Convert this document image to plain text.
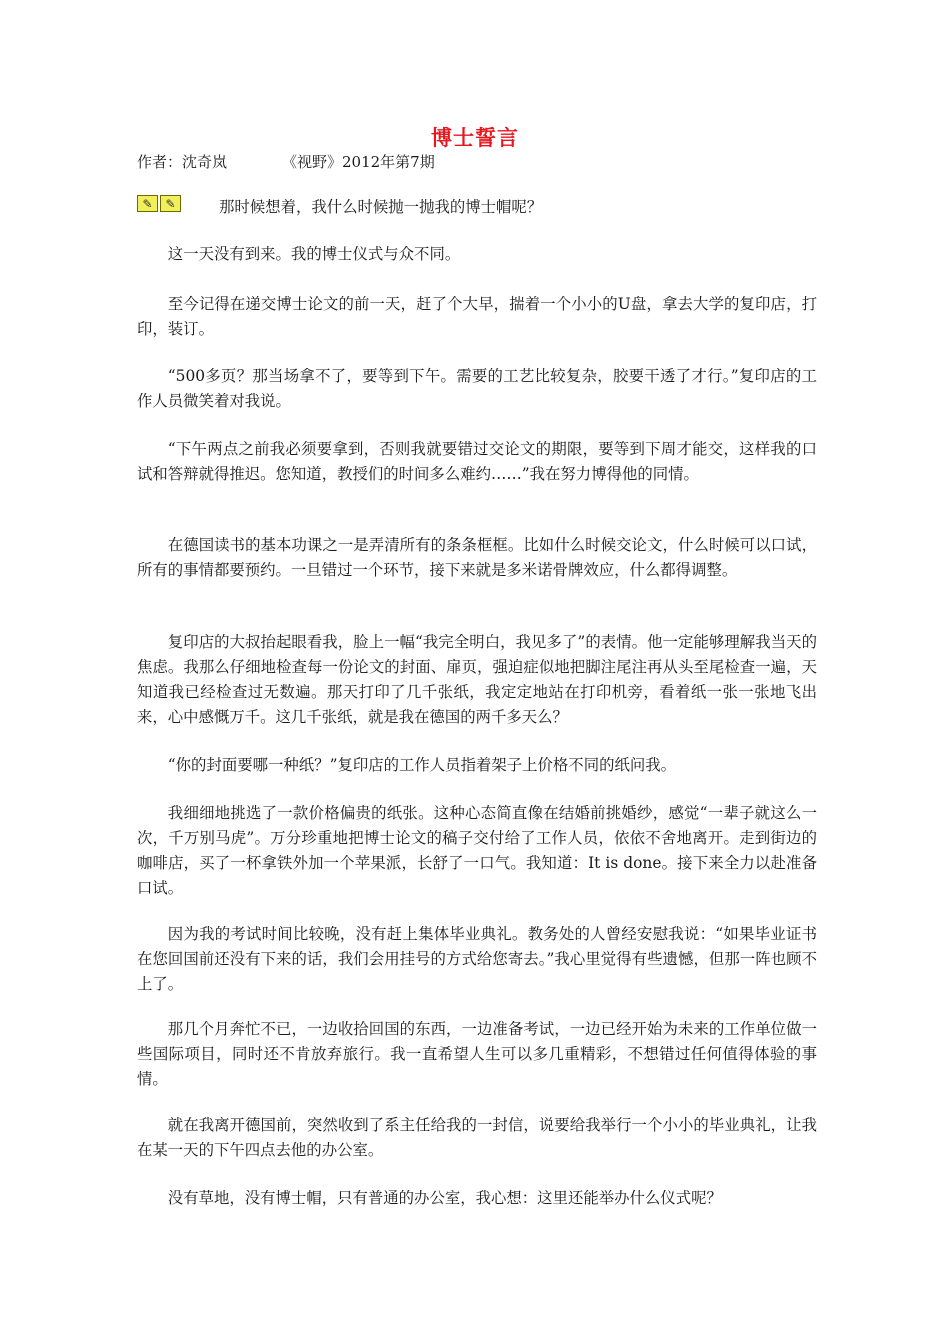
博士誓言
作者：沈奇岚	《视野》2012年第7期
✎	✎	那时候想着，我什么时候抛一抛我的博士帽呢？

这一天没有到来。我的博士仪式与众不同。

至今记得在递交博士论文的前一天，赶了个大早，揣着一个小小的U盘，拿去大学的复印店，打印，装订。

“500多页？那当场拿不了，要等到下午。需要的工艺比较复杂，胶要干透了才行。”复印店的工作人员微笑着对我说。

“下午两点之前我必须要拿到，否则我就要错过交论文的期限，要等到下周才能交，这样我的口试和答辩就得推迟。您知道，教授们的时间多么难约……”我在努力博得他的同情。

在德国读书的基本功课之一是弄清所有的条条框框。比如什么时候交论文，什么时候可以口试，所有的事情都要预约。一旦错过一个环节，接下来就是多米诺骨牌效应，什么都得调整。

复印店的大叔抬起眼看我，脸上一幅“我完全明白，我见多了”的表情。他一定能够理解我当天的焦虑。我那么仔细地检查每一份论文的封面、扉页，强迫症似地把脚注尾注再从头至尾检查一遍，天知道我已经检查过无数遍。那天打印了几千张纸，我定定地站在打印机旁，看着纸一张一张地飞出来，心中感慨万千。这几千张纸，就是我在德国的两千多天么？

“你的封面要哪一种纸？”复印店的工作人员指着架子上价格不同的纸问我。

我细细地挑选了一款价格偏贵的纸张。这种心态简直像在结婚前挑婚纱，感觉“一辈子就这么一次，千万别马虎”。万分珍重地把博士论文的稿子交付给了工作人员，依依不舍地离开。走到街边的咖啡店，买了一杯拿铁外加一个苹果派，长舒了一口气。我知道：It is done。接下来全力以赴准备口试。

因为我的考试时间比较晚，没有赶上集体毕业典礼。教务处的人曾经安慰我说：“如果毕业证书在您回国前还没有下来的话，我们会用挂号的方式给您寄去。”我心里觉得有些遗憾，但那一阵也顾不上了。

那几个月奔忙不已，一边收拾回国的东西，一边准备考试，一边已经开始为未来的工作单位做一些国际项目，同时还不肯放弃旅行。我一直希望人生可以多几重精彩，不想错过任何值得体验的事情。

就在我离开德国前，突然收到了系主任给我的一封信，说要给我举行一个小小的毕业典礼，让我在某一天的下午四点去他的办公室。

没有草地，没有博士帽，只有普通的办公室，我心想：这里还能举办什么仪式呢？
